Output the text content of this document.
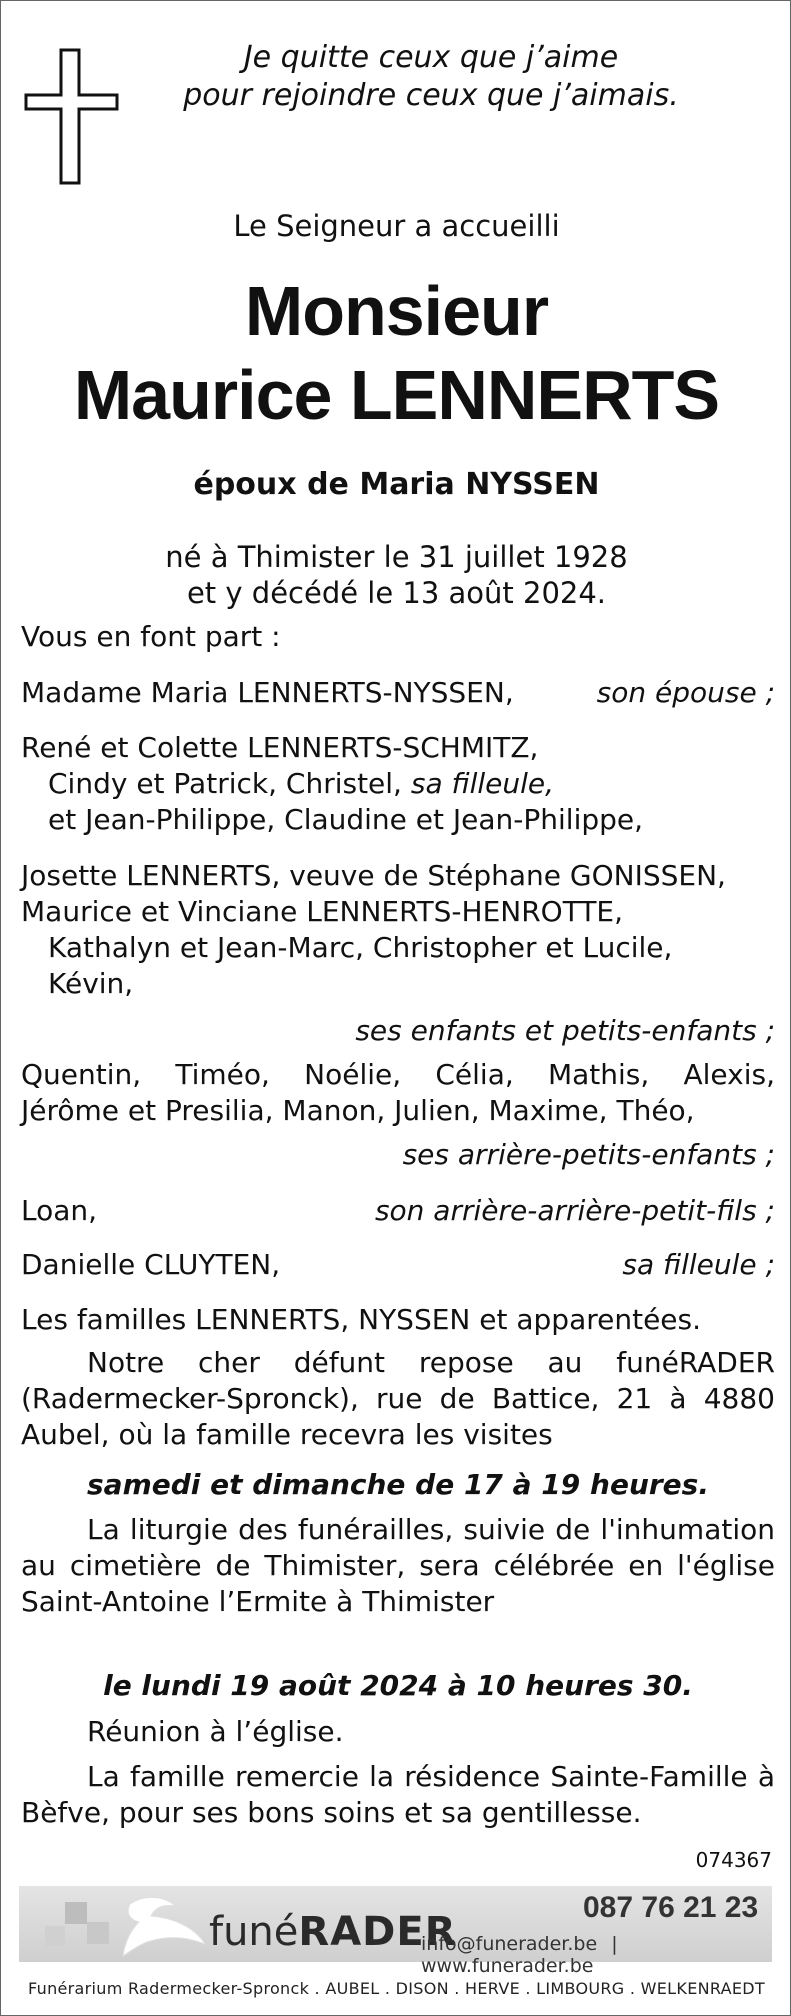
Je quitte ceux que j’aime
pour rejoindre ceux que j’aimais.
Le Seigneur a accueilli
Monsieur
Maurice LENNERTS
époux de Maria NYSSEN
né à Thimister le 31 juillet 1928
et y décédé le 13 août 2024.
Vous en font part :
Madame Maria LENNERTS-NYSSEN,	son épouse ;
René et Colette LENNERTS-SCHMITZ,
Cindy et Patrick, Christel, sa filleule,
et Jean-Philippe, Claudine et Jean-Philippe,
Josette LENNERTS, veuve de Stéphane GONISSEN,
Maurice et Vinciane LENNERTS-HENROTTE,
Kathalyn et Jean-Marc, Christopher et Lucile,
Kévin,
ses enfants et petits-enfants ;
Quentin, Timéo, Noélie, Célia, Mathis, Alexis,
Jérôme et Presilia, Manon, Julien, Maxime, Théo,
ses arrière-petits-enfants ;
Loan,	son arrière-arrière-petit-fils ;
Danielle CLUYTEN,	sa filleule ;
Les familles LENNERTS, NYSSEN et apparentées.
Notre cher défunt repose au funéRADER (Radermecker-Spronck), rue de Battice, 21 à 4880 Aubel, où la famille recevra les visites
samedi et dimanche de 17 à 19 heures.
La liturgie des funérailles, suivie de l'inhumation au cimetière de Thimister, sera célébrée en l'église Saint-Antoine l’Ermite à Thimister
le lundi 19 août 2024 à 10 heures 30.
Réunion à l’église.
La famille remercie la résidence Sainte-Famille à Bèfve, pour ses bons soins et sa gentillesse.
074367
funéRADER
087 76 21 23
info@funerader.be | www.funerader.be
Funérarium Radermecker-Spronck . AUBEL . DISON . HERVE . LIMBOURG . WELKENRAEDT
